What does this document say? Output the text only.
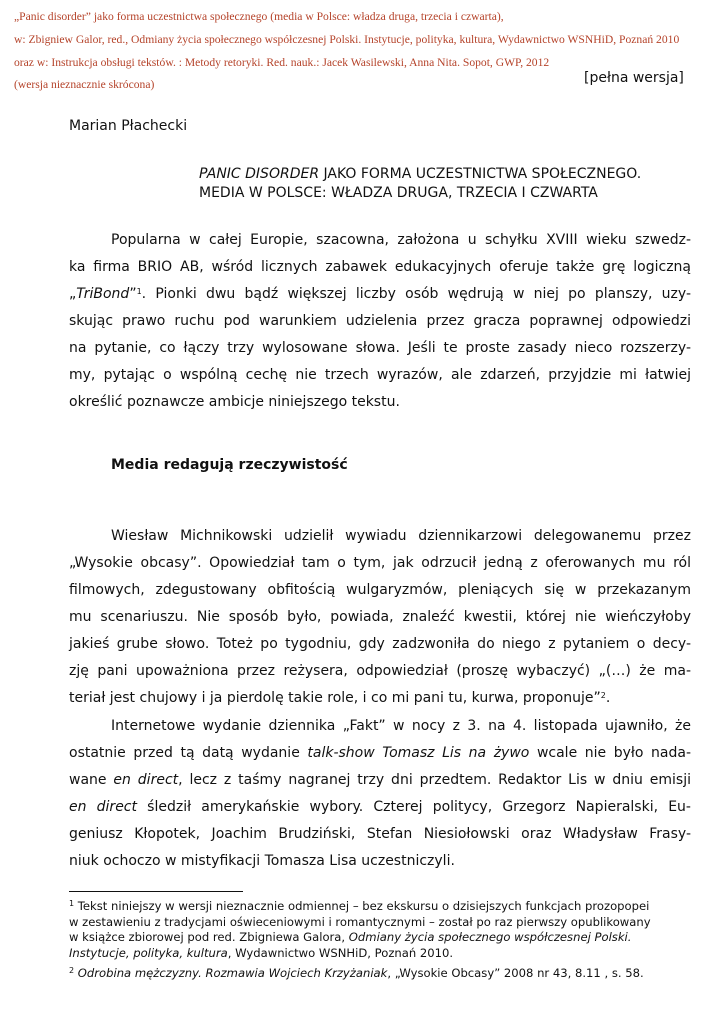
„Panic disorder” jako forma uczestnictwa społecznego (media w Polsce: władza druga, trzecia i czwarta),
w: Zbigniew Galor, red., Odmiany życia społecznego współczesnej Polski. Instytucje, polityka, kultura, Wydawnictwo WSNHiD, Poznań 2010
oraz w: Instrukcja obsługi tekstów. : Metody retoryki. Red. nauk.: Jacek Wasilewski, Anna Nita. Sopot, GWP, 2012
(wersja nieznacznie skrócona)	[pełna wersja]
Marian Płachecki
PANIC DISORDER JAKO FORMA UCZESTNICTWA SPOŁECZNEGO.
MEDIA W POLSCE: WŁADZA DRUGA, TRZECIA I CZWARTA
Popularna w całej Europie, szacowna, założona u schyłku XVIII wieku szwedz-
ka firma BRIO AB, wśród licznych zabawek edukacyjnych oferuje także grę logiczną
„TriBond”$^1$. Pionki dwu bądź większej liczby osób wędrują w niej po planszy, uzy-
skując prawo ruchu pod warunkiem udzielenia przez gracza poprawnej odpowiedzi
na pytanie, co łączy trzy wylosowane słowa. Jeśli te proste zasady nieco rozszerzy-
my, pytając o wspólną cechę nie trzech wyrazów, ale zdarzeń, przyjdzie mi łatwiej
określić poznawcze ambicje niniejszego tekstu.
Media redagują rzeczywistość
Wiesław Michnikowski udzielił wywiadu dziennikarzowi delegowanemu przez
„Wysokie obcasy”. Opowiedział tam o tym, jak odrzucił jedną z oferowanych mu ról
filmowych, zdegustowany obfitością wulgaryzmów, pleniących się w przekazanym
mu scenariuszu. Nie sposób było, powiada, znaleźć kwestii, której nie wieńczyłoby
jakieś grube słowo. Toteż po tygodniu, gdy zadzwoniła do niego z pytaniem o decy-
zję pani upoważniona przez reżysera, odpowiedział (proszę wybaczyć) „(…) że ma-
teriał jest chujowy i ja pierdolę takie role, i co mi pani tu, kurwa, proponuje”$^2$.
Internetowe wydanie dziennika „Fakt” w nocy z 3. na 4. listopada ujawniło, że
ostatnie przed tą datą wydanie talk-show Tomasz Lis na żywo wcale nie było nada-
wane en direct, lecz z taśmy nagranej trzy dni przedtem. Redaktor Lis w dniu emisji
en direct śledził amerykańskie wybory. Czterej politycy, Grzegorz Napieralski, Eu-
geniusz Kłopotek, Joachim Brudziński, Stefan Niesiołowski oraz Władysław Frasy-
niuk ochoczo w mistyfikacji Tomasza Lisa uczestniczyli.
$^1$ Tekst niniejszy w wersji nieznacznie odmiennej – bez ekskursu o dzisiejszych funkcjach prozopopei
w zestawieniu z tradycjami oświeceniowymi i romantycznymi – został po raz pierwszy opublikowany
w książce zbiorowej pod red. Zbigniewa Galora, Odmiany życia społecznego współczesnej Polski.
Instytucje, polityka, kultura, Wydawnictwo WSNHiD, Poznań 2010.
$^2$ Odrobina mężczyzny. Rozmawia Wojciech Krzyżaniak, „Wysokie Obcasy” 2008 nr 43, 8.11 , s. 58.
